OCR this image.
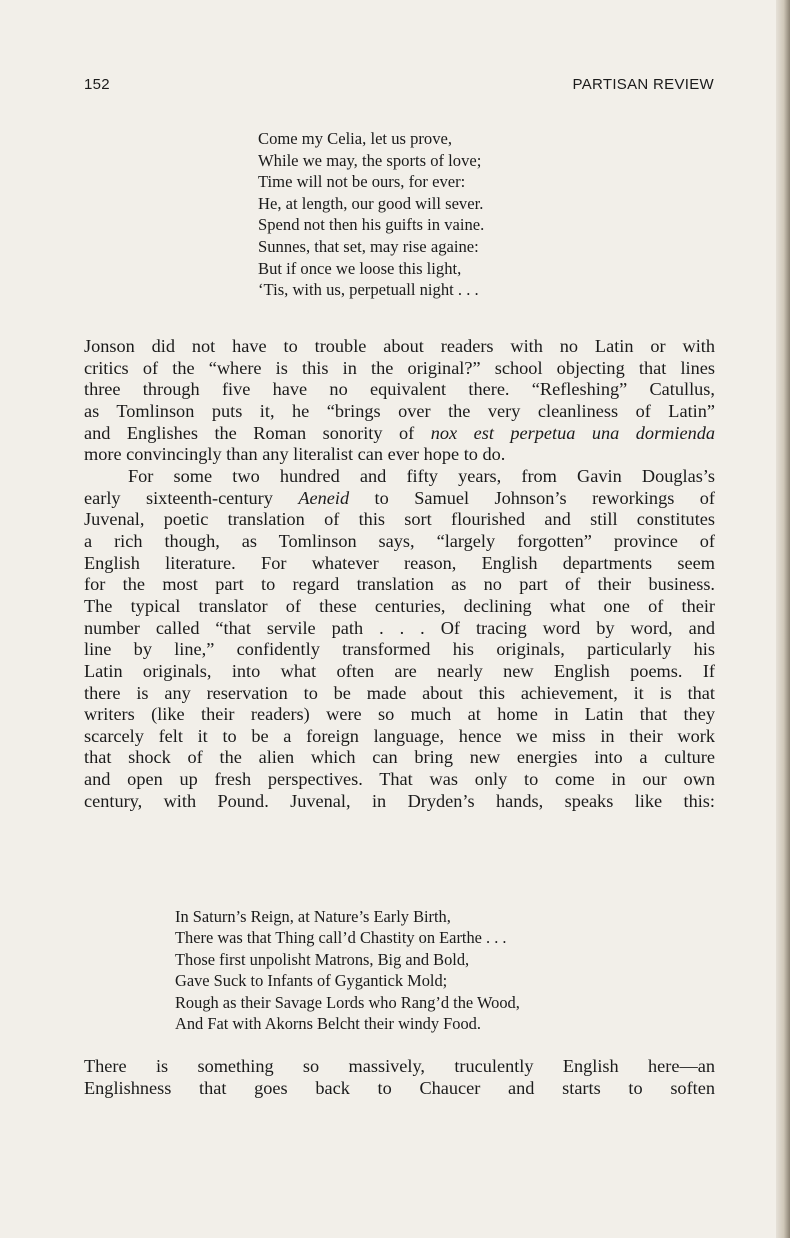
152	PARTISAN REVIEW
Come my Celia, let us prove,
While we may, the sports of love;
Time will not be ours, for ever:
He, at length, our good will sever.
Spend not then his guifts in vaine.
Sunnes, that set, may rise againe:
But if once we loose this light,
‘Tis, with us, perpetuall night . . .
Jonson did not have to trouble about readers with no Latin or with
critics of the “where is this in the original?” school objecting that lines
three through five have no equivalent there. “Refleshing” Catullus,
as Tomlinson puts it, he “brings over the very cleanliness of Latin”
and Englishes the Roman sonority of nox est perpetua una dormienda
more convincingly than any literalist can ever hope to do.
For some two hundred and fifty years, from Gavin Douglas’s
early sixteenth-century Aeneid to Samuel Johnson’s reworkings of
Juvenal, poetic translation of this sort flourished and still constitutes
a rich though, as Tomlinson says, “largely forgotten” province of
English literature. For whatever reason, English departments seem
for the most part to regard translation as no part of their business.
The typical translator of these centuries, declining what one of their
number called “that servile path . . . Of tracing word by word, and
line by line,” confidently transformed his originals, particularly his
Latin originals, into what often are nearly new English poems. If
there is any reservation to be made about this achievement, it is that
writers (like their readers) were so much at home in Latin that they
scarcely felt it to be a foreign language, hence we miss in their work
that shock of the alien which can bring new energies into a culture
and open up fresh perspectives. That was only to come in our own
century, with Pound. Juvenal, in Dryden’s hands, speaks like this:
In Saturn’s Reign, at Nature’s Early Birth,
There was that Thing call’d Chastity on Earthe . . .
Those first unpolisht Matrons, Big and Bold,
Gave Suck to Infants of Gygantick Mold;
Rough as their Savage Lords who Rang’d the Wood,
And Fat with Akorns Belcht their windy Food.
There is something so massively, truculently English here—an
Englishness that goes back to Chaucer and starts to soften
